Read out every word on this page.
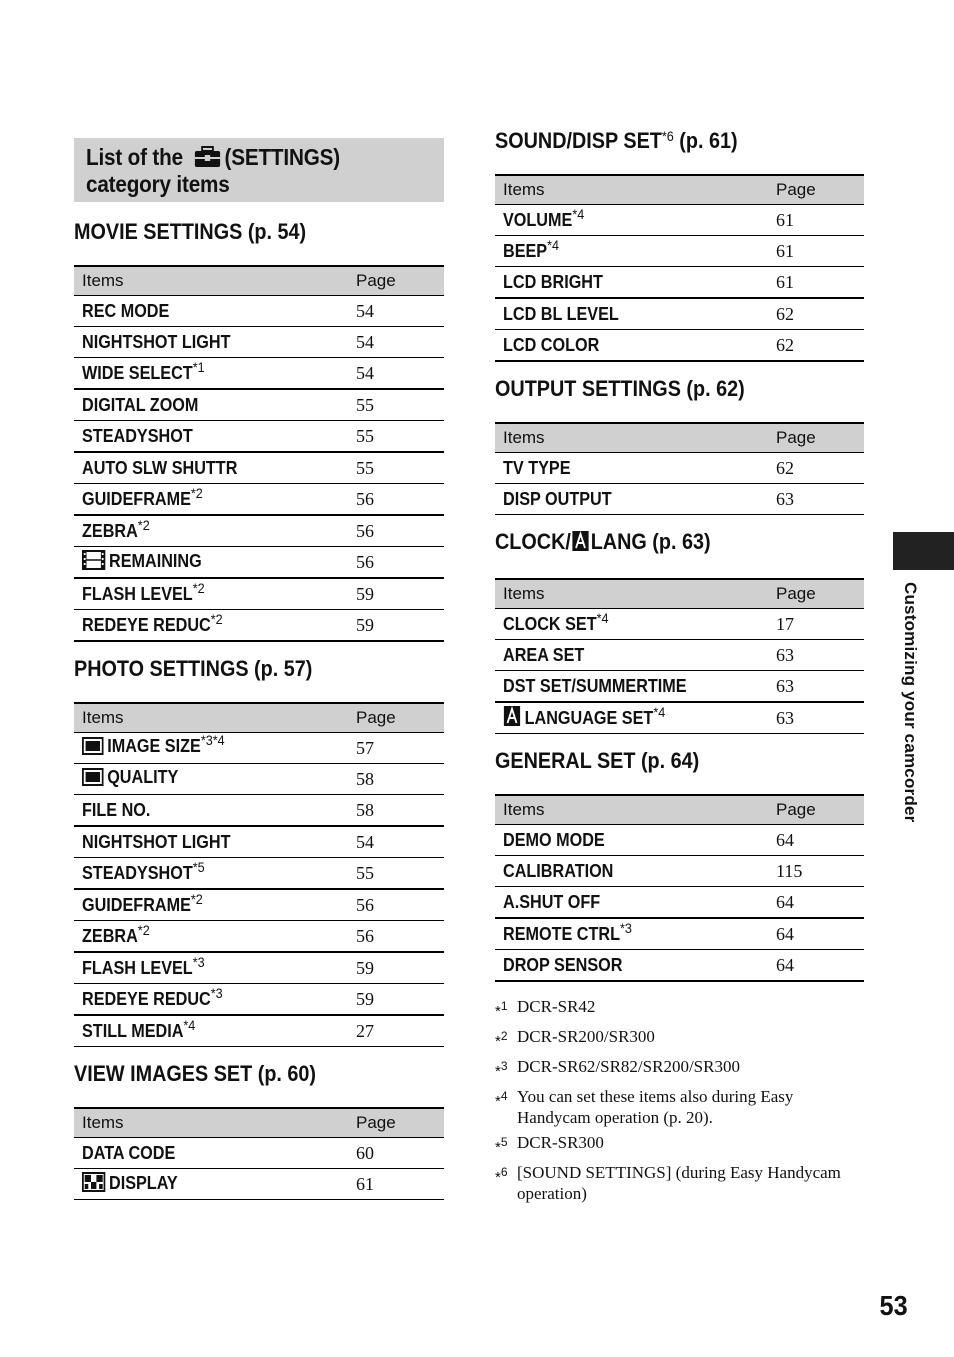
List of the (SETTINGS)
category items
MOVIE SETTINGS (p. 54)
Items	Page
REC MODE	54
NIGHTSHOT LIGHT	54
WIDE SELECT$^{*1}$	54
DIGITAL ZOOM	55
STEADYSHOT	55
AUTO SLW SHUTTR	55
GUIDEFRAME$^{*2}$	56
ZEBRA$^{*2}$	56
REMAINING	56
FLASH LEVEL$^{*2}$	59
REDEYE REDUC$^{*2}$	59
PHOTO SETTINGS (p. 57)
Items	Page
IMAGE $SIZE^{*3*4}$	57
QUALITY	58
FILE NO.	58
NIGHTSHOT LIGHT	54
STEADYSHOT$^{*5}$	55
GUIDEFRAME$^{*2}$	56
ZEBRA$^{*2}$	56
FLASH LEVEL$^{*3}$	59
REDEYE REDUC$^{*3}$	59
STILL MEDIA$^{*4}$	27
VIEW IMAGES SET (p. 60)
Items	Page
DATA CODE	60
DISPLAY	61
SOUND/DISP SET$^{*6}$ (p. 61)
Items	Page
VOLUME$^{*4}$	61
BEEP$^{*4}$	61
LCD BRIGHT	61
LCD BL LEVEL	62
LCD COLOR	62
OUTPUT SETTINGS (p. 62)
Items	Page
TV TYPE	62
DISP OUTPUT	63
CLOCK/ LANG (p. 63)
Items	Page
CLOCK SET$^{*4}$	17
AREA SET	63
DST SET/SUMMERTIME	63
LANGUAGE SET$^{*4}$	63
GENERAL SET (p. 64)
Items	Page
DEMO MODE	64
CALIBRATION	115
A.SHUT OFF	64
REMOTE CTRL$^{*3}$	64
DROP SENSOR	64
*$^1$ DCR-SR42
*$^2$ DCR-SR200/SR300
*$^3$ DCR-SR62/SR82/SR200/SR300
*$^4$ You can set these items also during Easy Handycam operation (p. 20).
*$^5$ DCR-SR300
*$^6$ [SOUND SETTINGS] (during Easy Handycam operation)
Customizing your camcorder
53
